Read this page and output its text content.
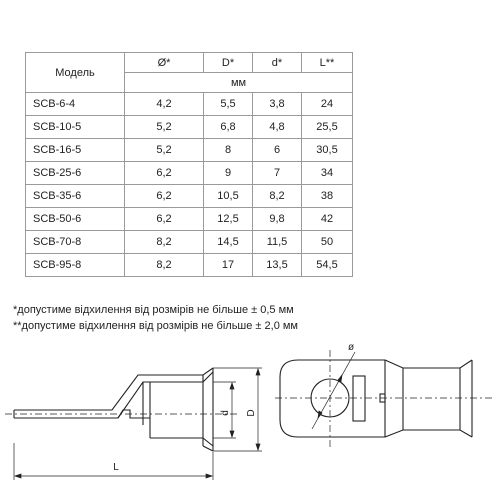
Модель	Ø*	D*	d*	L**
	мм			
SCB-6-4	4,2	5,5	3,8	24
SCB-10-5	5,2	6,8	4,8	25,5
SCB-16-5	5,2	8	6	30,5
SCB-25-6	6,2	9	7	34
SCB-35-6	6,2	10,5	8,2	38
SCB-50-6	6,2	12,5	9,8	42
SCB-70-8	8,2	14,5	11,5	50
SCB-95-8	8,2	17	13,5	54,5
*допустиме відхилення від розмірів не більше ± 0,5 мм
**допустиме відхилення від розмірів не більше ± 2,0 мм
d D
L
ø
